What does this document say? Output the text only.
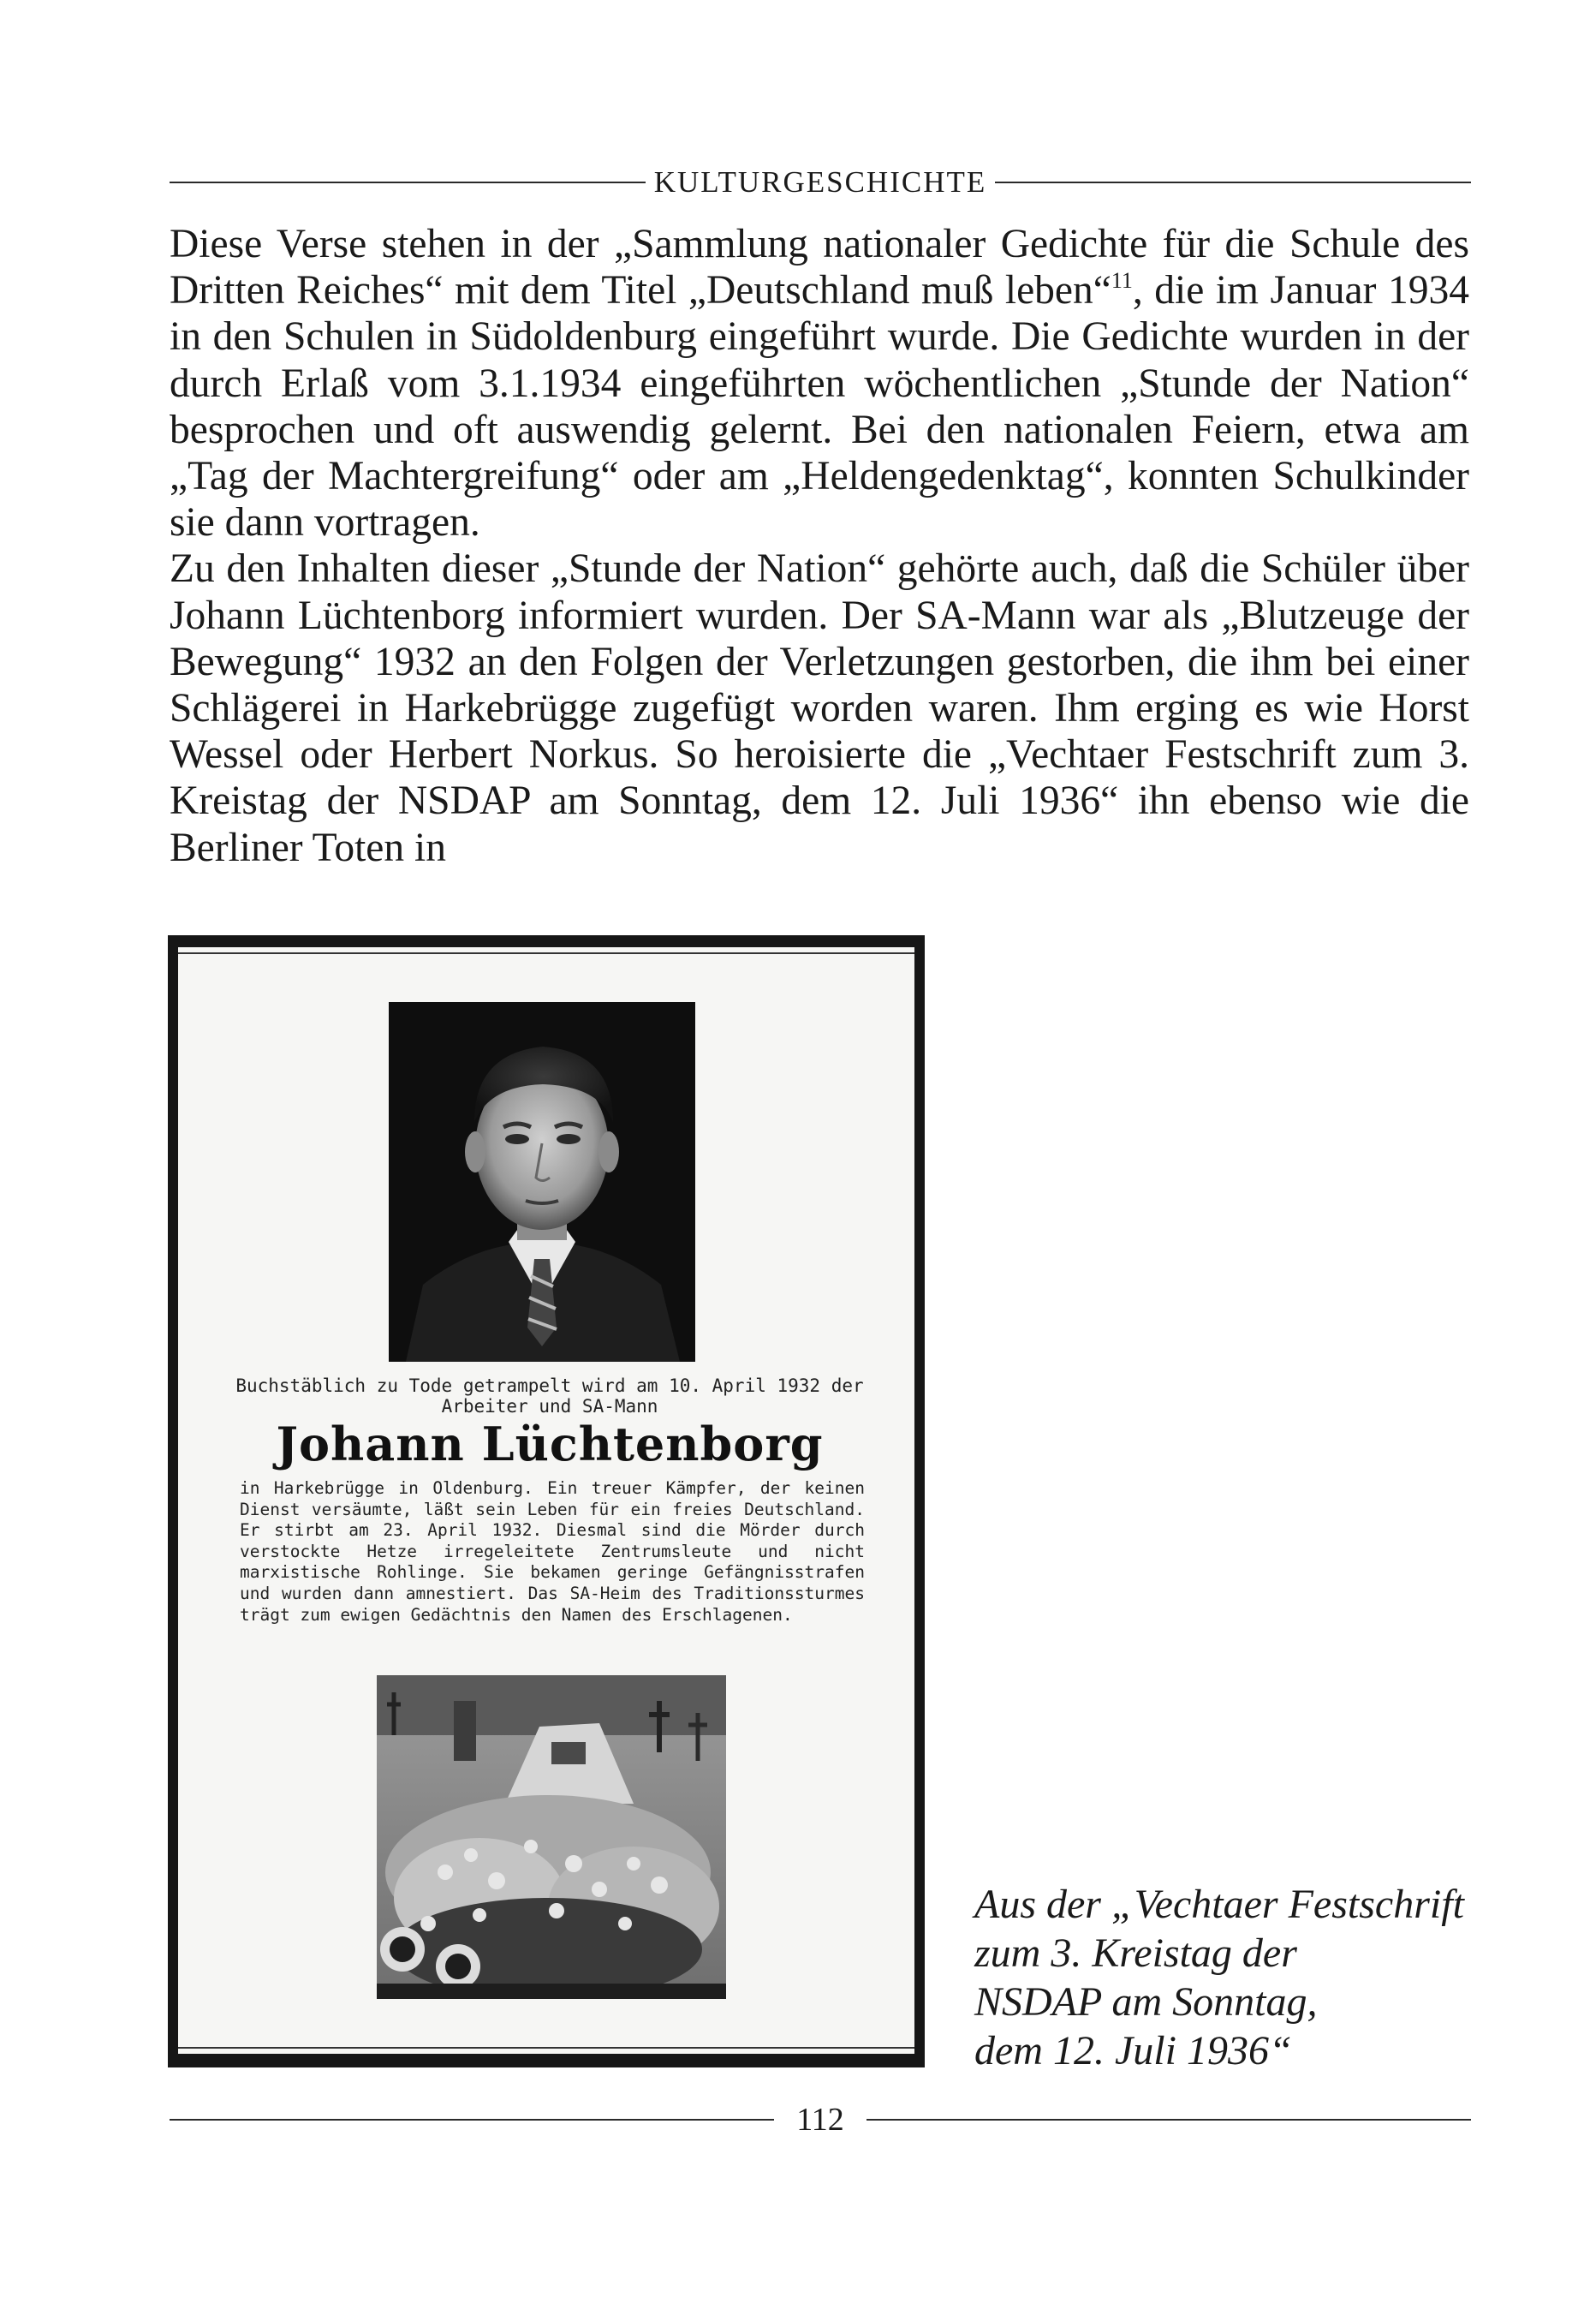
KULTURGESCHICHTE

Diese Verse stehen in der „Sammlung nationaler Gedichte für die Schule des Dritten Reiches“ mit dem Titel „Deutschland muß leben“$^{11}$, die im Januar 1934 in den Schulen in Südoldenburg eingeführt wurde. Die Gedichte wurden in der durch Erlaß vom 3.1.1934 eingeführten wöchentlichen „Stunde der Nation“ besprochen und oft auswendig gelernt. Bei den nationalen Feiern, etwa am „Tag der Machtergreifung“ oder am „Heldengedenktag“, konnten Schulkinder sie dann vortragen.

Zu den Inhalten dieser „Stunde der Nation“ gehörte auch, daß die Schüler über Johann Lüchtenborg informiert wurden. Der SA-Mann war als „Blutzeuge der Bewegung“ 1932 an den Folgen der Verletzungen gestorben, die ihm bei einer Schlägerei in Harkebrügge zugefügt worden waren. Ihm erging es wie Horst Wessel oder Herbert Norkus. So heroisierte die „Vechtaer Festschrift zum 3. Kreistag der NSDAP am Sonntag, dem 12. Juli 1936“ ihn ebenso wie die Berliner Toten in

Buchstäblich zu Tode getrampelt wird am 10. April 1932 der
Arbeiter und SA-Mann
Johann Lüchtenborg
in Harkebrügge in Oldenburg. Ein treuer Kämpfer, der keinen Dienst versäumte, läßt sein Leben für ein freies Deutschland. Er stirbt am 23. April 1932. Diesmal sind die Mörder durch verstockte Hetze irregeleitete Zentrumsleute und nicht marxistische Rohlinge. Sie bekamen geringe Gefängnisstrafen und wurden dann amnestiert. Das SA-Heim des Traditionssturmes trägt zum ewigen Gedächtnis den Namen des Erschlagenen.
Aus der „Vechtaer Festschrift
zum 3. Kreistag der
NSDAP am Sonntag,
dem 12. Juli 1936“
112
